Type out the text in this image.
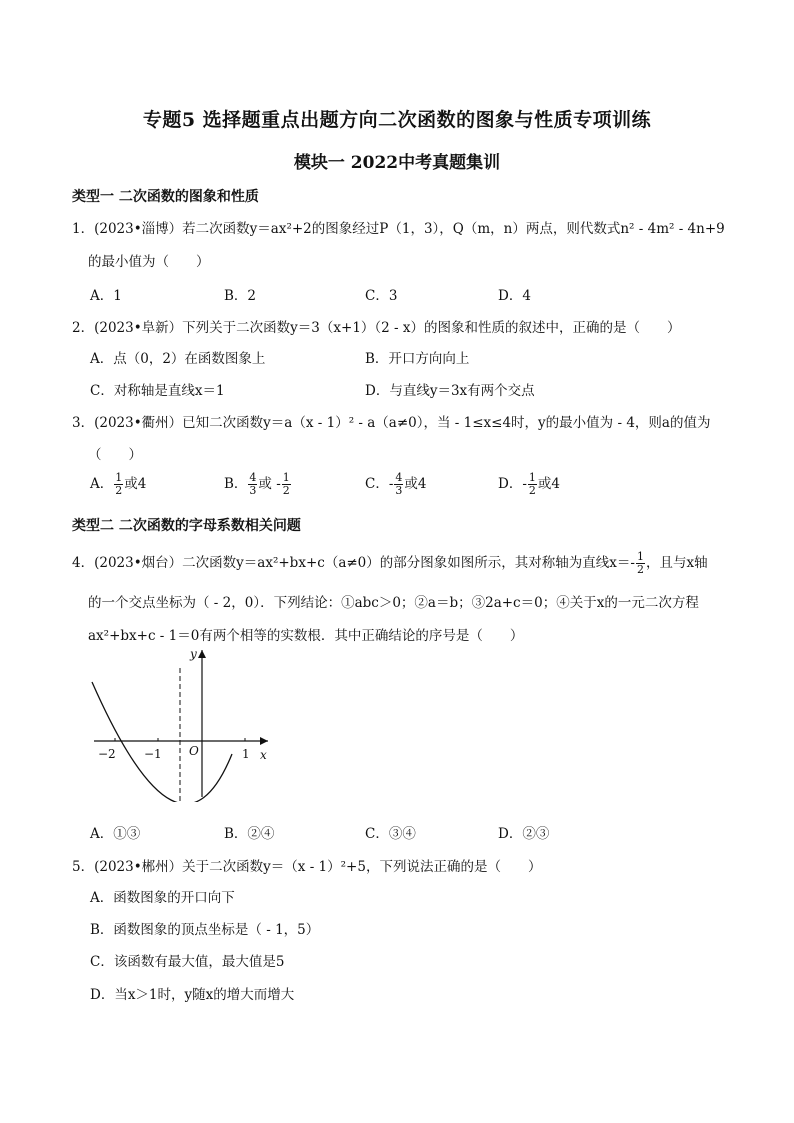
专题5 选择题重点出题方向二次函数的图象与性质专项训练
模块一 2022中考真题集训
类型一 二次函数的图象和性质
1．(2023•淄博）若二次函数y＝ax²+2的图象经过P（1，3），Q（m，n）两点，则代数式n² - 4m² - 4n+9
的最小值为（　　）
A．1	B．2	C．3	D．4
2．(2023•阜新）下列关于二次函数y＝3（x+1）（2 - x）的图象和性质的叙述中，正确的是（　　）
A．点（0，2）在函数图象上	B．开口方向向上
C．对称轴是直线x＝1	D．与直线y＝3x有两个交点
3．(2023•衢州）已知二次函数y＝a（x - 1）² - a（a≠0），当 - 1≤x≤4时，y的最小值为 - 4，则a的值为
（　　）
A． $\frac{1}{2}$ 或4	B． $\frac{4}{3}$ 或 - $\frac{1}{2}$	C．- $\frac{4}{3}$ 或4	D．- $\frac{1}{2}$ 或4
类型二 二次函数的字母系数相关问题
4．(2023•烟台）二次函数y＝ax²+bx+c（a≠0）的部分图象如图所示，其对称轴为直线$x=- \frac{1}{2}$ ，且与x轴
的一个交点坐标为（ - 2，0）．下列结论：①abc＞0；②a＝b；③2a+c＝0；④关于x的一元二次方程
ax²+bx+c - 1＝0有两个相等的实数根．其中正确结论的序号是（　　）
y
x
O
−2 −1	1
A．①③	B．②④	C．③④	D．②③
5．(2023•郴州）关于二次函数y＝（x - 1）²+5，下列说法正确的是（　　）
A．函数图象的开口向下
B．函数图象的顶点坐标是（ - 1，5）
C．该函数有最大值，最大值是5
D．当x＞1时，y随x的增大而增大
